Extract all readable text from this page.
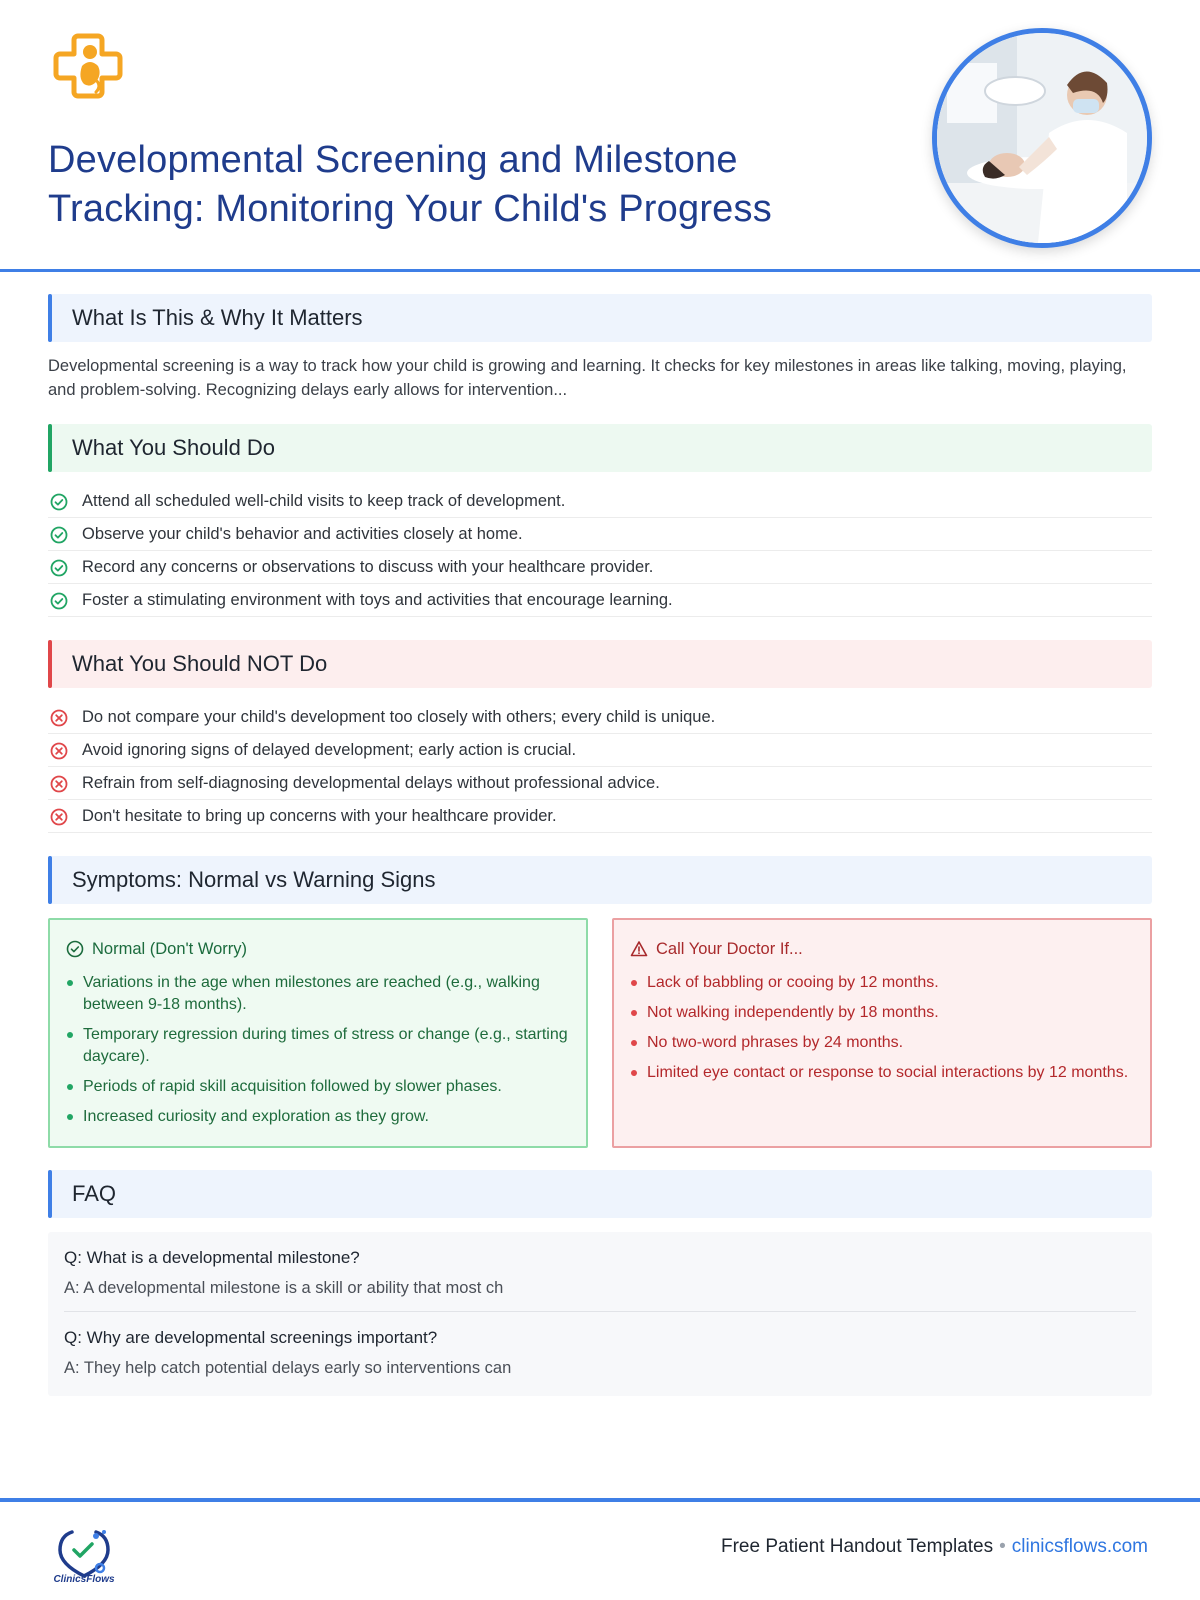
Developmental Screening and Milestone Tracking: Monitoring Your Child's Progress
What Is This & Why It Matters
Developmental screening is a way to track how your child is growing and learning. It checks for key milestones in areas like talking, moving, playing, and problem-solving. Recognizing delays early allows for intervention...
What You Should Do
Attend all scheduled well-child visits to keep track of development.
Observe your child's behavior and activities closely at home.
Record any concerns or observations to discuss with your healthcare provider.
Foster a stimulating environment with toys and activities that encourage learning.
What You Should NOT Do
Do not compare your child's development too closely with others; every child is unique.
Avoid ignoring signs of delayed development; early action is crucial.
Refrain from self-diagnosing developmental delays without professional advice.
Don't hesitate to bring up concerns with your healthcare provider.
Symptoms: Normal vs Warning Signs
Normal (Don't Worry)
Variations in the age when milestones are reached (e.g., walking between 9-18 months).
Temporary regression during times of stress or change (e.g., starting daycare).
Periods of rapid skill acquisition followed by slower phases.
Increased curiosity and exploration as they grow.
Call Your Doctor If...
Lack of babbling or cooing by 12 months.
Not walking independently by 18 months.
No two-word phrases by 24 months.
Limited eye contact or response to social interactions by 12 months.
FAQ
Q: What is a developmental milestone?
A: A developmental milestone is a skill or ability that most ch
Q: Why are developmental screenings important?
A: They help catch potential delays early so interventions can
ClinicsFlows
Free Patient Handout Templates • clinicsflows.com
